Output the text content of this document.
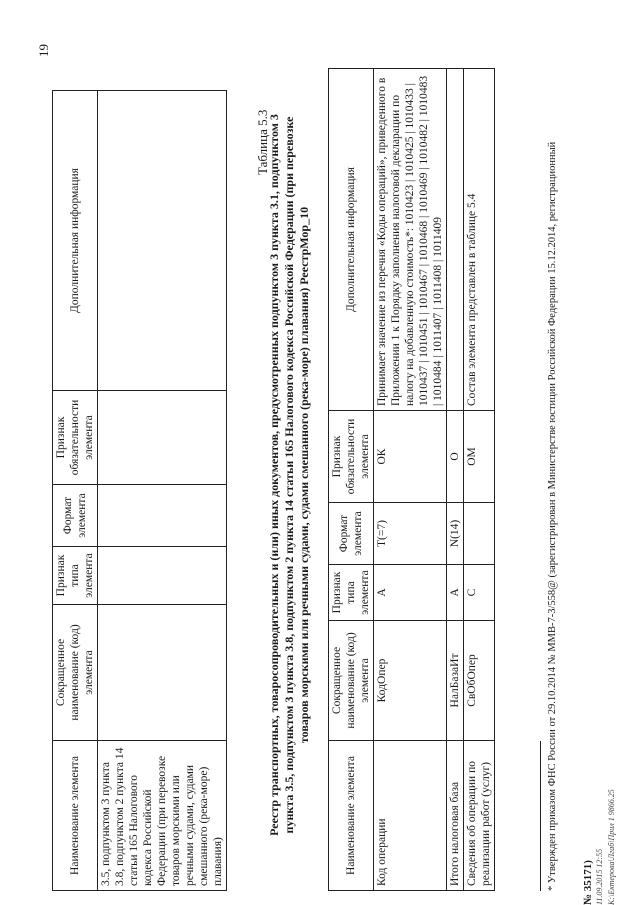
19
Наименование элемента	Сокращенное наименование (код) элемента	Признак типа элемента	Формат элемента	Признак обязательности элемента	Дополнительная информация
3.5, подпунктом 3 пункта 3.8, подпунктом 2 пункта 14 статьи 165 Налогового кодекса Российской Федерации (при перевозке товаров морскими или речными судами, судами смешанного (река-море) плавания)					
Таблица 5.3
Реестр транспортных, товаросопроводительных и (или) иных документов, предусмотренных подпунктом 3 пункта 3.1, подпунктом 3 пункта 3.5, подпунктом 3 пункта 3.8, подпунктом 2 пункта 14 статьи 165 Налогового кодекса Российской Федерации (при перевозке товаров морскими или речными судами, судами смешанного (река-море) плавания) РеестрМор_10
Наименование элемента	Сокращенное наименование (код) элемента	Признак типа элемента	Формат элемента	Признак обязательности элемента	Дополнительная информация
Код операции	КодОпер	А	T(=7)	ОК	Принимает значение из перечня «Коды операций», приведенного в Приложении 1 к Порядку заполнения налоговой декларации по налогу на добавленную стоимость*: 1010423 | 1010425 | 1010433 | 1010437 | 1010451 | 1010467 | 1010468 | 1010469 | 1010482 | 1010483 | 1010484 | 1011407 | 1011408 | 1011409
Итого налоговая база	НалБазаИт	А	N(14)	О	
Сведения об операции по реализации работ (услуг)	СвОбОпер	С		ОМ	Состав элемента представлен в таблице 5.4	* Утвержден приказом ФНС России от 29.10.2014 № ММВ-7-3/558@ (зарегистрирован в Министерстве юстиции Российской Федерации 15.12.2014, регистрационный № 35171) 11.09.2015 12:55 К:\Ектерова\Лгаб\Прил 1 9866.25
